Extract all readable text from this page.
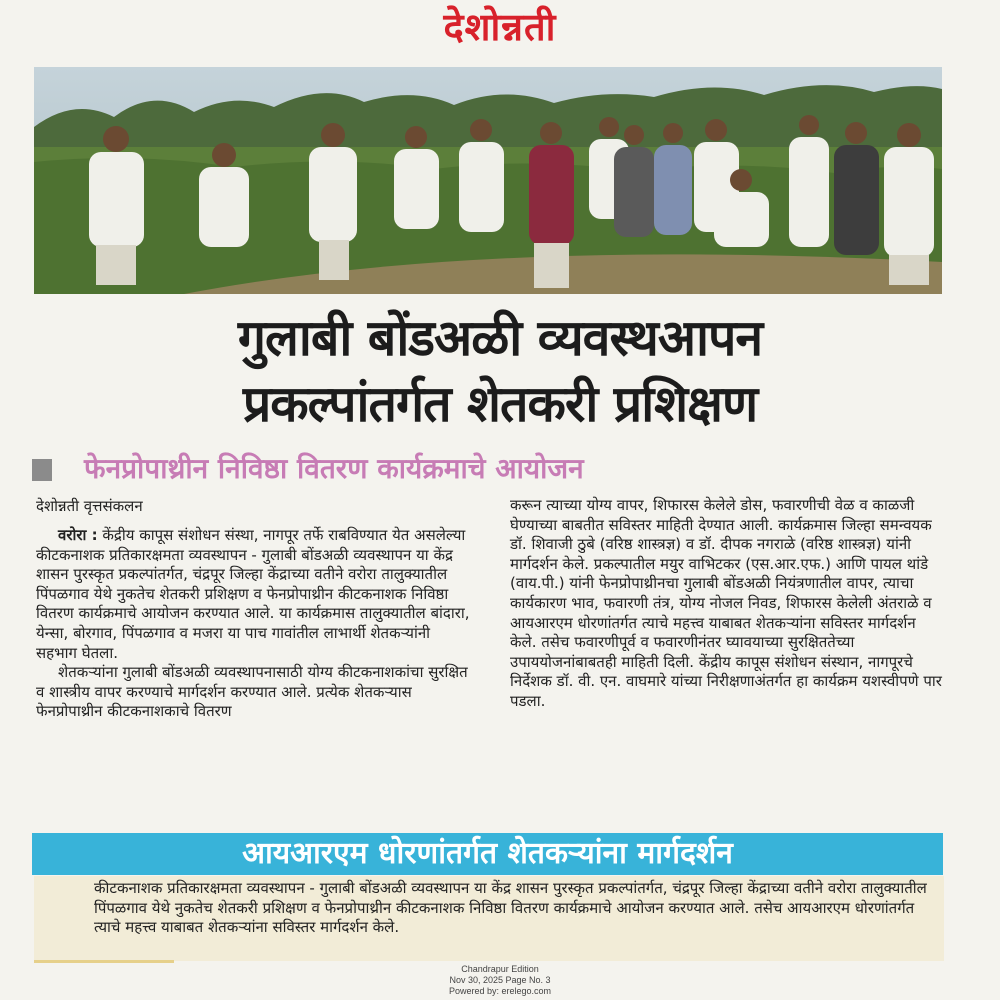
देशोन्नती
गुलाबी बोंडअळी व्यवस्थआपन
प्रकल्पांतर्गत शेतकरी प्रशिक्षण
फेनप्रोपाथ्रीन निविष्ठा वितरण कार्यक्रमाचे आयोजन

देशोन्नती वृत्तसंकलन

वरोरा : केंद्रीय कापूस संशोधन संस्था, नागपूर तर्फे राबविण्यात येत असलेल्या कीटकनाशक प्रतिकारक्षमता व्यवस्थापन - गुलाबी बोंडअळी व्यवस्थापन या केंद्र शासन पुरस्कृत प्रकल्पांतर्गत, चंद्रपूर जिल्हा केंद्राच्या वतीने वरोरा तालुक्यातील पिंपळगाव येथे नुकतेच शेतकरी प्रशिक्षण व फेनप्रोपाथ्रीन कीटकनाशक निविष्ठा वितरण कार्यक्रमाचे आयोजन करण्यात आले. या कार्यक्रमास तालुक्यातील बांदारा, येन्सा, बोरगाव, पिंपळगाव व मजरा या पाच गावांतील लाभार्थी शेतकऱ्यांनी सहभाग घेतला.

शेतकऱ्यांना गुलाबी बोंडअळी व्यवस्थापनासाठी योग्य कीटकनाशकांचा सुरक्षित व शास्त्रीय वापर करण्याचे मार्गदर्शन करण्यात आले. प्रत्येक शेतकऱ्यास फेनप्रोपाथ्रीन कीटकनाशकाचे वितरण

करून त्याच्या योग्य वापर, शिफारस केलेले डोस, फवारणीची वेळ व काळजी घेण्याच्या बाबतीत सविस्तर माहिती देण्यात आली. कार्यक्रमास जिल्हा समन्वयक डॉ. शिवाजी ठुबे (वरिष्ठ शास्त्रज्ञ) व डॉ. दीपक नगराळे (वरिष्ठ शास्त्रज्ञ) यांनी मार्गदर्शन केले. प्रकल्पातील मयुर वाभिटकर (एस.आर.एफ.) आणि पायल थांडे (वाय.पी.) यांनी फेनप्रोपाथ्रीनचा गुलाबी बोंडअळी नियंत्रणातील वापर, त्याचा कार्यकारण भाव, फवारणी तंत्र, योग्य नोजल निवड, शिफारस केलेली अंतराळे व आयआरएम धोरणांतर्गत त्याचे महत्त्व याबाबत शेतकऱ्यांना सविस्तर मार्गदर्शन केले. तसेच फवारणीपूर्व व फवारणीनंतर घ्यावयाच्या सुरक्षिततेच्या उपाययोजनांबाबतही माहिती दिली. केंद्रीय कापूस संशोधन संस्थान, नागपूरचे निर्देशक डॉ. वी. एन. वाघमारे यांच्या निरीक्षणाअंतर्गत हा कार्यक्रम यशस्वीपणे पार पडला.

आयआरएम धोरणांतर्गत शेतकऱ्यांना मार्गदर्शन

कीटकनाशक प्रतिकारक्षमता व्यवस्थापन - गुलाबी बोंडअळी व्यवस्थापन या केंद्र शासन पुरस्कृत प्रकल्पांतर्गत, चंद्रपूर जिल्हा केंद्राच्या वतीने वरोरा तालुक्यातील पिंपळगाव येथे नुकतेच शेतकरी प्रशिक्षण व फेनप्रोपाथ्रीन कीटकनाशक निविष्ठा वितरण कार्यक्रमाचे आयोजन करण्यात आले. तसेच आयआरएम धोरणांतर्गत त्याचे महत्त्व याबाबत शेतकऱ्यांना सविस्तर मार्गदर्शन केले.

Chandrapur Edition
Nov 30, 2025 Page No. 3
Powered by: erelego.com
